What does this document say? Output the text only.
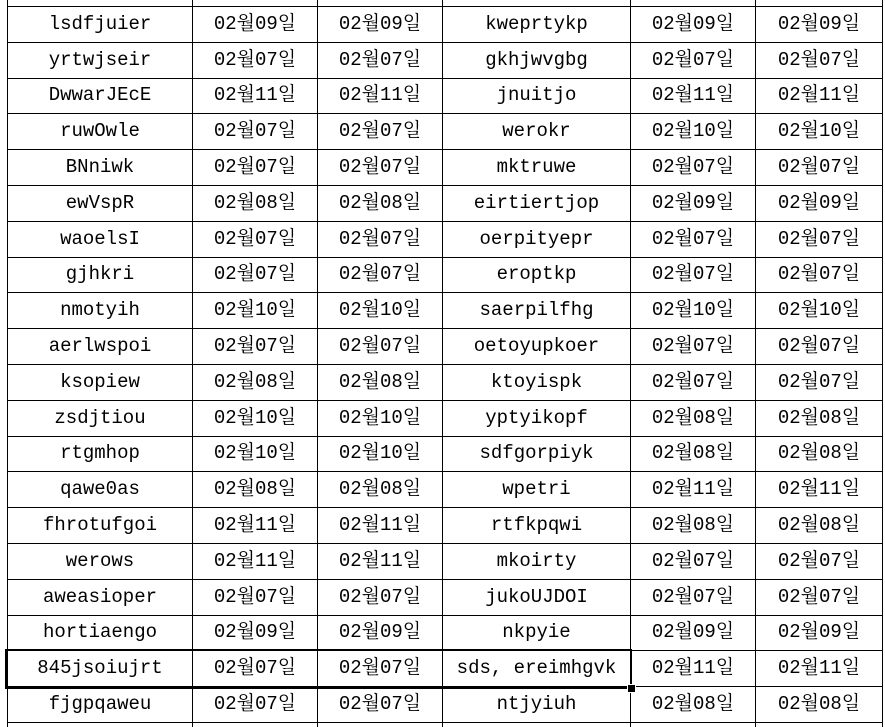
lsdfjuier	02월09일	02월09일	kweprtykp	02월09일	02월09일
yrtwjseir	02월07일	02월07일	gkhjwvgbg	02월07일	02월07일
DwwarJEcE	02월11일	02월11일	jnuitjo	02월11일	02월11일
ruwOwle	02월07일	02월07일	werokr	02월10일	02월10일
BNniwk	02월07일	02월07일	mktruwe	02월07일	02월07일
ewVspR	02월08일	02월08일	eirtiertjop	02월09일	02월09일
waoelsI	02월07일	02월07일	oerpityepr	02월07일	02월07일
gjhkri	02월07일	02월07일	eroptkp	02월07일	02월07일
nmotyih	02월10일	02월10일	saerpilfhg	02월10일	02월10일
aerlwspoi	02월07일	02월07일	oetoyupkoer	02월07일	02월07일
ksopiew	02월08일	02월08일	ktoyispk	02월07일	02월07일
zsdjtiou	02월10일	02월10일	yptyikopf	02월08일	02월08일
rtgmhop	02월10일	02월10일	sdfgorpiyk	02월08일	02월08일
qawe0as	02월08일	02월08일	wpetri	02월11일	02월11일
fhrotufgoi	02월11일	02월11일	rtfkpqwi	02월08일	02월08일
werows	02월11일	02월11일	mkoirty	02월07일	02월07일
aweasioper	02월07일	02월07일	jukoUJDOI	02월07일	02월07일
hortiaengo	02월09일	02월09일	nkpyie	02월09일	02월09일
845jsoiujrt	02월07일	02월07일	sds, ereimhgvk	02월11일	02월11일
fjgpqaweu	02월07일	02월07일	ntjyiuh	02월08일	02월08일
